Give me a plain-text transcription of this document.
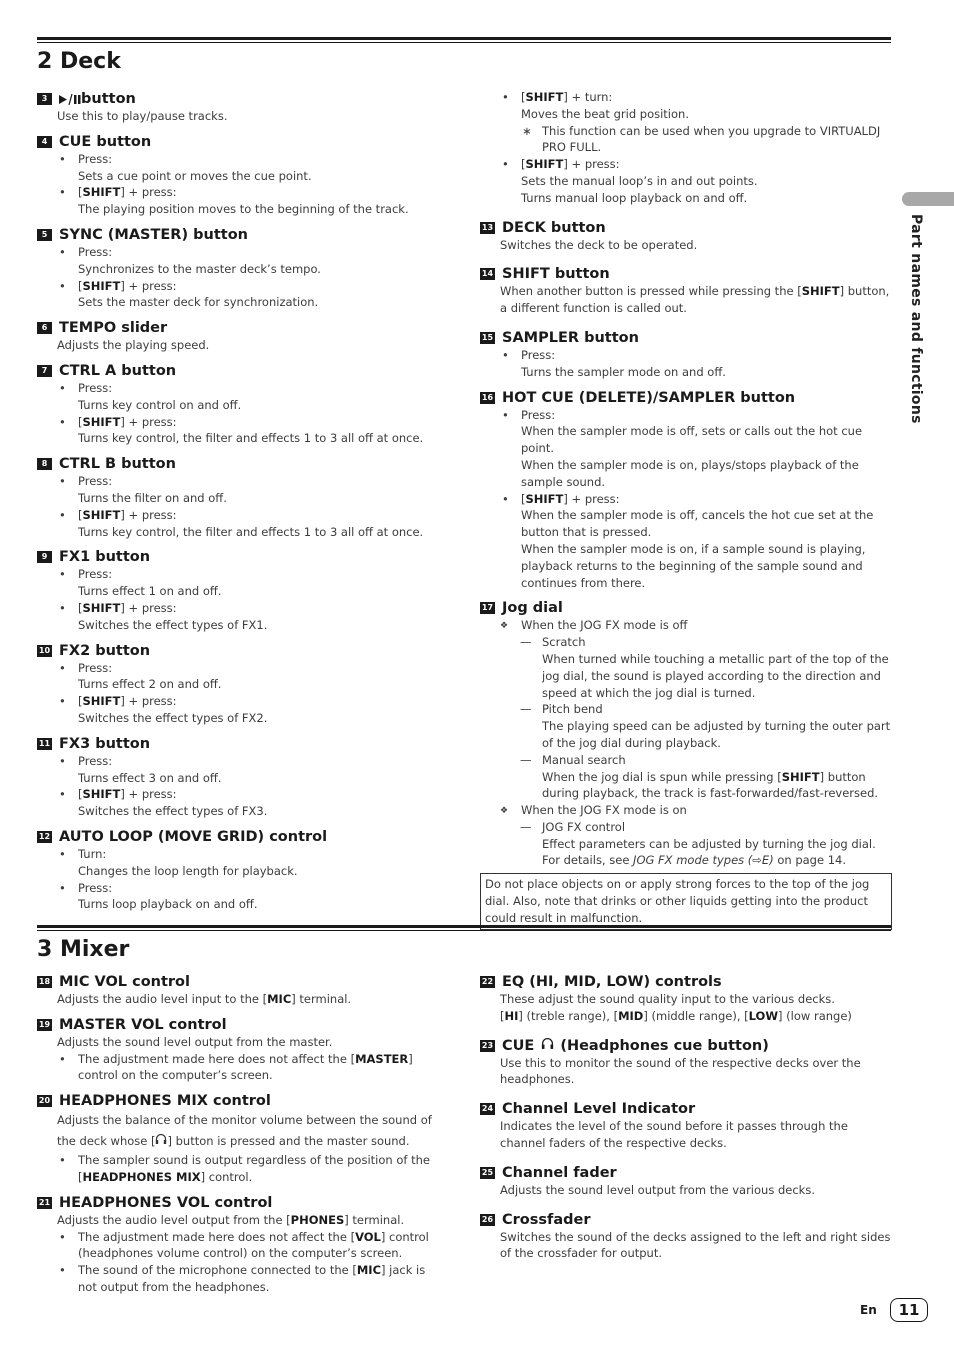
2 Deck
3	button
Use this to play/pause tracks.
4 CUE button
• Press:
Sets a cue point or moves the cue point.
• [SHIFT] + press:
The playing position moves to the beginning of the track.
5 SYNC (MASTER) button
• Press:
Synchronizes to the master deck’s tempo.
• [SHIFT] + press:
Sets the master deck for synchronization.
6 TEMPO slider
Adjusts the playing speed.
7 CTRL A button
• Press:
Turns key control on and off.
• [SHIFT] + press:
Turns key control, the filter and effects 1 to 3 all off at once.
8 CTRL B button
• Press:
Turns the filter on and off.
• [SHIFT] + press:
Turns key control, the filter and effects 1 to 3 all off at once.
9 FX1 button
• Press:
Turns effect 1 on and off.
• [SHIFT] + press:
Switches the effect types of FX1.
10 FX2 button
• Press:
Turns effect 2 on and off.
• [SHIFT] + press:
Switches the effect types of FX2.
11 FX3 button
• Press:
Turns effect 3 on and off.
• [SHIFT] + press:
Switches the effect types of FX3.
12 AUTO LOOP (MOVE GRID) control
• Turn:
Changes the loop length for playback.
• Press:
Turns loop playback on and off.
• [SHIFT] + turn:
Moves the beat grid position.
∗ This function can be used when you upgrade to VIRTUALDJ PRO FULL.
• [SHIFT] + press:
Sets the manual loop’s in and out points.
Turns manual loop playback on and off.
13 DECK button
Switches the deck to be operated.
14 SHIFT button
When another button is pressed while pressing the [SHIFT] button, a different function is called out.
15 SAMPLER button
• Press:
Turns the sampler mode on and off.
16 HOT CUE (DELETE)/SAMPLER button
• Press:
When the sampler mode is off, sets or calls out the hot cue point.
When the sampler mode is on, plays/stops playback of the sample sound.
• [SHIFT] + press:
When the sampler mode is off, cancels the hot cue set at the button that is pressed.
When the sampler mode is on, if a sample sound is playing, playback returns to the beginning of the sample sound and continues from there.
17 Jog dial
❖ When the JOG FX mode is off
— Scratch
When turned while touching a metallic part of the top of the jog dial, the sound is played according to the direction and speed at which the jog dial is turned.
— Pitch bend
The playing speed can be adjusted by turning the outer part of the jog dial during playback.
— Manual search
When the jog dial is spun while pressing [SHIFT] button during playback, the track is fast-forwarded/fast-reversed.
❖ When the JOG FX mode is on
— JOG FX control
Effect parameters can be adjusted by turning the jog dial.
For details, see JOG FX mode types (⇨E) on page 14.
Do not place objects on or apply strong forces to the top of the jog dial. Also, note that drinks or other liquids getting into the product could result in malfunction.
3 Mixer
18 MIC VOL control
Adjusts the audio level input to the [MIC] terminal.
19 MASTER VOL control
Adjusts the sound level output from the master.
• The adjustment made here does not affect the [MASTER] control on the computer’s screen.
20 HEADPHONES MIX control
Adjusts the balance of the monitor volume between the sound of the deck whose [ ] button is pressed and the master sound.
• The sampler sound is output regardless of the position of the [HEADPHONES MIX] control.
21 HEADPHONES VOL control
Adjusts the audio level output from the [PHONES] terminal.
• The adjustment made here does not affect the [VOL] control (headphones volume control) on the computer’s screen.
• The sound of the microphone connected to the [MIC] jack is not output from the headphones.
22 EQ (HI, MID, LOW) controls
These adjust the sound quality input to the various decks.
[HI] (treble range), [MID] (middle range), [LOW] (low range)
23 CUE (Headphones cue button)
Use this to monitor the sound of the respective decks over the headphones.
24 Channel Level Indicator
Indicates the level of the sound before it passes through the channel faders of the respective decks.
25 Channel fader
Adjusts the sound level output from the various decks.
26 Crossfader
Switches the sound of the decks assigned to the left and right sides of the crossfader for output.
Part names and functions
En	11
